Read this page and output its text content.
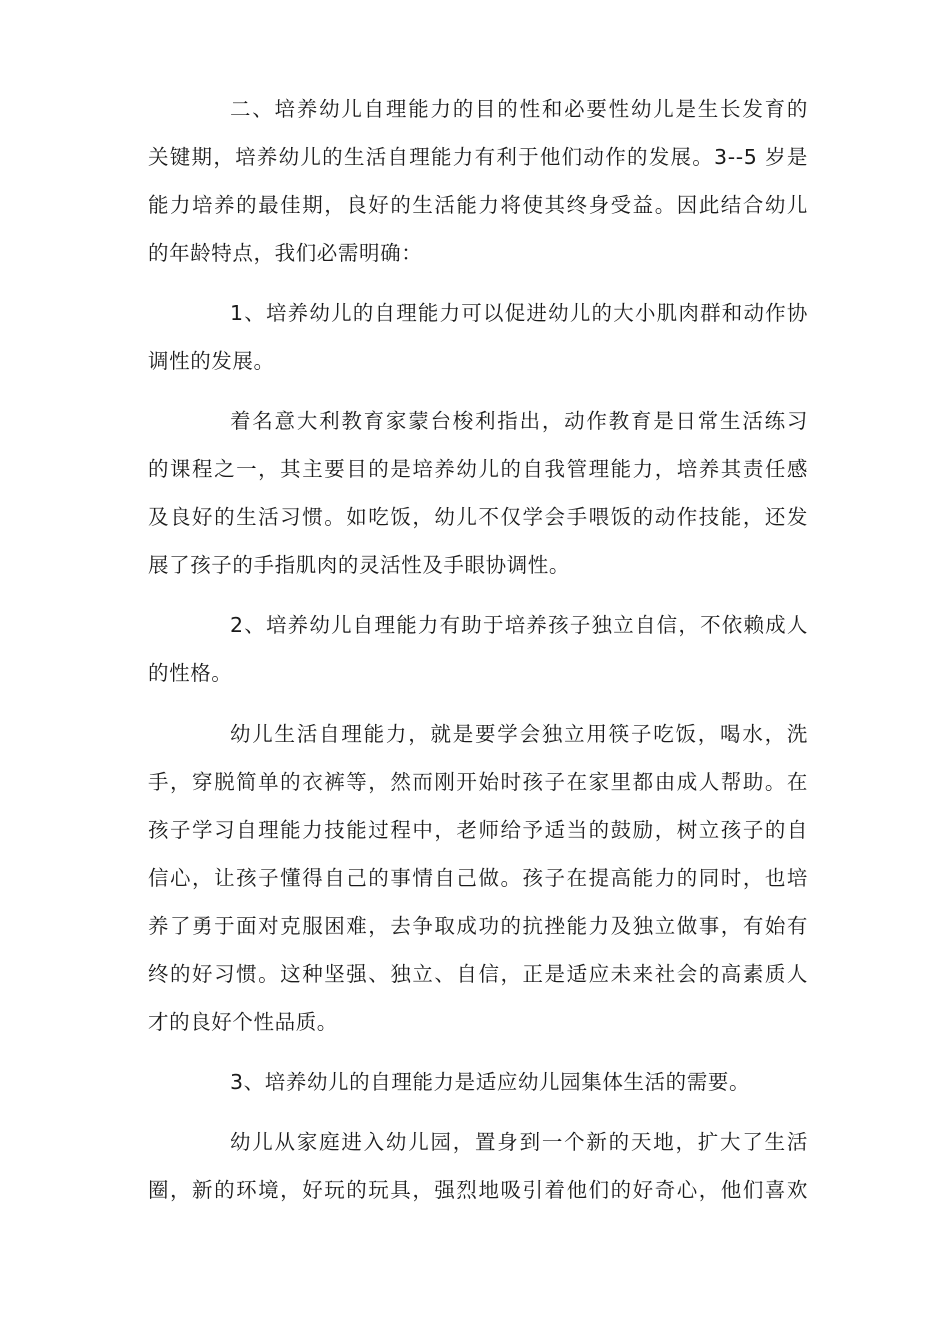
二、培养幼儿自理能力的目的性和必要性幼儿是生长发育的
关键期，培养幼儿的生活自理能力有利于他们动作的发展。3--5 岁是
能力培养的最佳期，良好的生活能力将使其终身受益。因此结合幼儿
的年龄特点，我们必需明确：
1、培养幼儿的自理能力可以促进幼儿的大小肌肉群和动作协
调性的发展。
着名意大利教育家蒙台梭利指出，动作教育是日常生活练习
的课程之一，其主要目的是培养幼儿的自我管理能力，培养其责任感
及良好的生活习惯。如吃饭，幼儿不仅学会手喂饭的动作技能，还发
展了孩子的手指肌肉的灵活性及手眼协调性。
2、培养幼儿自理能力有助于培养孩子独立自信，不依赖成人
的性格。
幼儿生活自理能力，就是要学会独立用筷子吃饭，喝水，洗
手，穿脱简单的衣裤等，然而刚开始时孩子在家里都由成人帮助。在
孩子学习自理能力技能过程中，老师给予适当的鼓励，树立孩子的自
信心，让孩子懂得自己的事情自己做。孩子在提高能力的同时，也培
养了勇于面对克服困难，去争取成功的抗挫能力及独立做事，有始有
终的好习惯。这种坚强、独立、自信，正是适应未来社会的高素质人
才的良好个性品质。
3、培养幼儿的自理能力是适应幼儿园集体生活的需要。
幼儿从家庭进入幼儿园，置身到一个新的天地，扩大了生活
圈，新的环境，好玩的玩具，强烈地吸引着他们的好奇心，他们喜欢
